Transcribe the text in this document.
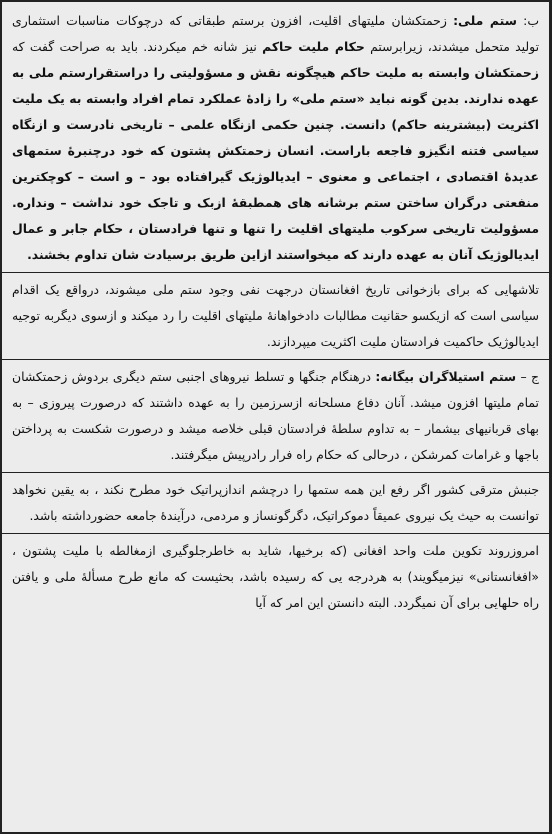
ب: ستم ملی: زحمتکشان ملیتهای اقلیت، افزون برستم طبقاتی که درچوکات مناسبات استثماری تولید متحمل میشدند، زیرابرستم حکام ملیت حاکم نیز شانه خم میکردند. باید به صراحت گفت که زحمتکشان وابسته به ملیت حاکم هیچگونه نقش و مسؤولیتی را دراستقرارستم ملی به عهده ندارند. بدین گونه نباید «ستم ملی» را زادهٔ عملکرد تمام افراد وابسته به یک ملیت اکثریت (بیشترینه حاکم) دانست. چنین حکمی ازنگاه علمی – تاریخی نادرست و ازنگاه سیاسی فتنه انگیزو فاجعه باراست. انسان زحمتکش پشتون که خود درچنبرهٔ ستمهای عدیدهٔ اقتصادی ، اجتماعی و معنوی – ایدیالوژیک گیرافتاده بود – و است – کوچکترین منفعتی درگران ساختن ستم برشانه های همطبقهٔ ازبک و تاجک خود نداشت – ونداره. مسؤولیت تاریخی سرکوب ملیتهای اقلیت را تنها و تنها فرادستان ، حکام جابر و عمال ایدیالوژیک آنان به عهده دارند که میخواستند ازاین طریق برسیادت شان تداوم بخشند.

تلاشهایی که برای بازخوانی تاریخ افغانستان درجهت نفی وجود ستم ملی میشوند، درواقع یک اقدام سیاسی است که ازیکسو حقانیت مطالبات دادخواهانهٔ ملیتهای اقلیت را رد میکند و ازسوی دیگربه توجیه ایدیالوژیک حاکمیت فرادستان ملیت اکثریت میپردازند.

ج – ستم استیلاگران بیگانه: درهنگام جنگها و تسلط نیروهای اجنبی ستم دیگری بردوش زحمتکشان تمام ملیتها افزون میشد. آنان دفاع مسلحانه ازسرزمین را به عهده داشتند که درصورت پیروزی – به بهای قربانیهای بیشمار – به تداوم سلطهٔ فرادستان قبلی خلاصه میشد و درصورت شکست به پرداختن باجها و غرامات کمرشکن ، درحالی که حکام راه فرار رادرپیش میگرفتند.

جنبش مترقی کشور اگر رفع این همه ستمها را درچشم اندازپراتیک خود مطرح نکند ، به یقین نخواهد توانست به حیث یک نیروی عمیقاً دموکراتیک، دگرگونساز و مردمی، درآیندهٔ جامعه حضورداشته باشد.

امروزروند تکوین ملت واحد افغانی (که برخیها، شاید به خاطرجلوگیری ازمغالطه با ملیت پشتون ، «افغانستانی» نیزمیگویند) به هردرجه یی که رسیده باشد، بحثیست که مانع طرح مسألهٔ ملی و یافتن راه حلهایی برای آن نمیگردد. البته دانستن این امر که آیا
